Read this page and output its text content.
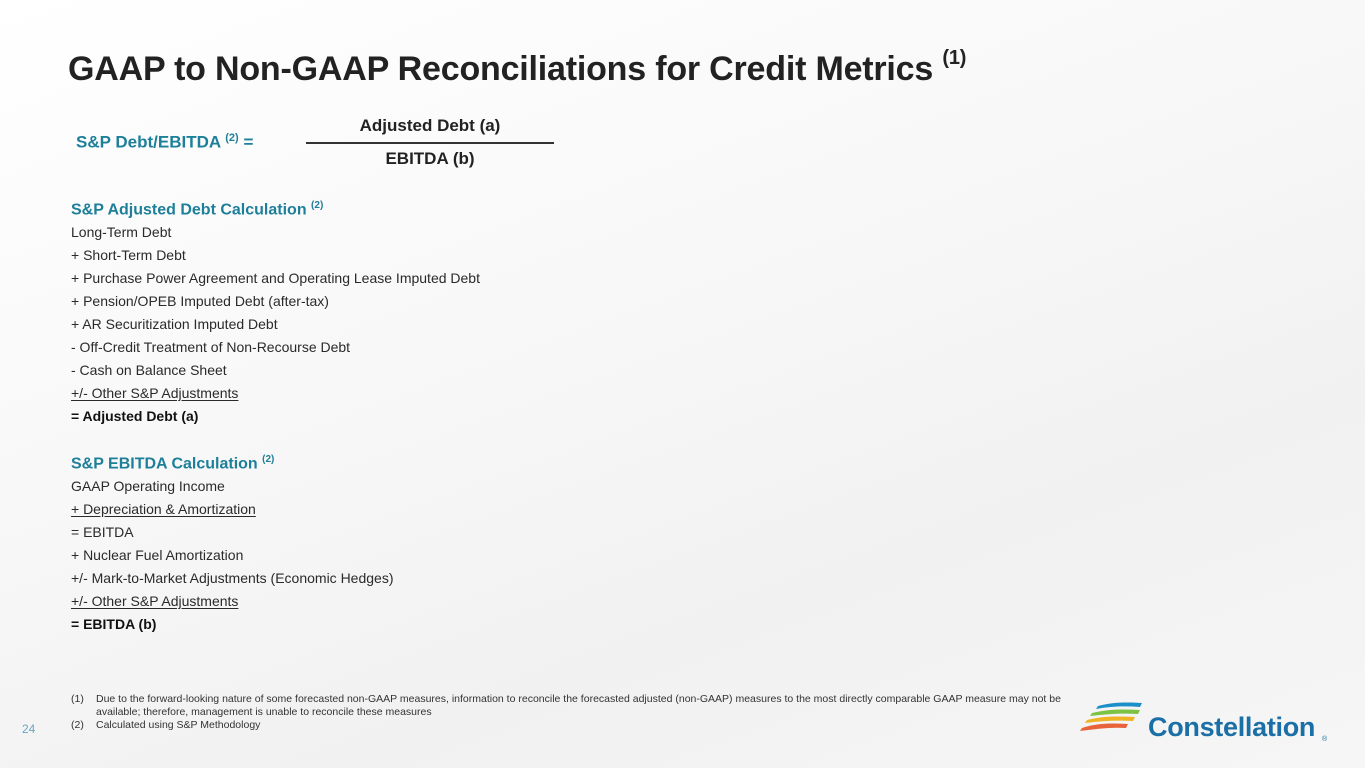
GAAP to Non-GAAP Reconciliations for Credit Metrics $^{(1)}$
S&P Debt/EBITDA $^{(2)}$ =
Adjusted Debt (a)
EBITDA (b)
S&P Adjusted Debt Calculation $^{(2)}$
Long-Term Debt
+ Short-Term Debt
+ Purchase Power Agreement and Operating Lease Imputed Debt
+ Pension/OPEB Imputed Debt (after-tax)
+ AR Securitization Imputed Debt
- Off-Credit Treatment of Non-Recourse Debt
- Cash on Balance Sheet
+/- Other S&P Adjustments
= Adjusted Debt (a)
S&P EBITDA Calculation $^{(2)}$
GAAP Operating Income
+ Depreciation & Amortization
= EBITDA
+ Nuclear Fuel Amortization
+/- Mark-to-Market Adjustments (Economic Hedges)
+/- Other S&P Adjustments
= EBITDA (b)
(1)	Due to the forward-looking nature of some forecasted non-GAAP measures, information to reconcile the forecasted adjusted (non-GAAP) measures to the most directly comparable GAAP measure may not be available; therefore, management is unable to reconcile these measures
(2)	Calculated using S&P Methodology
24	Constellation ®
